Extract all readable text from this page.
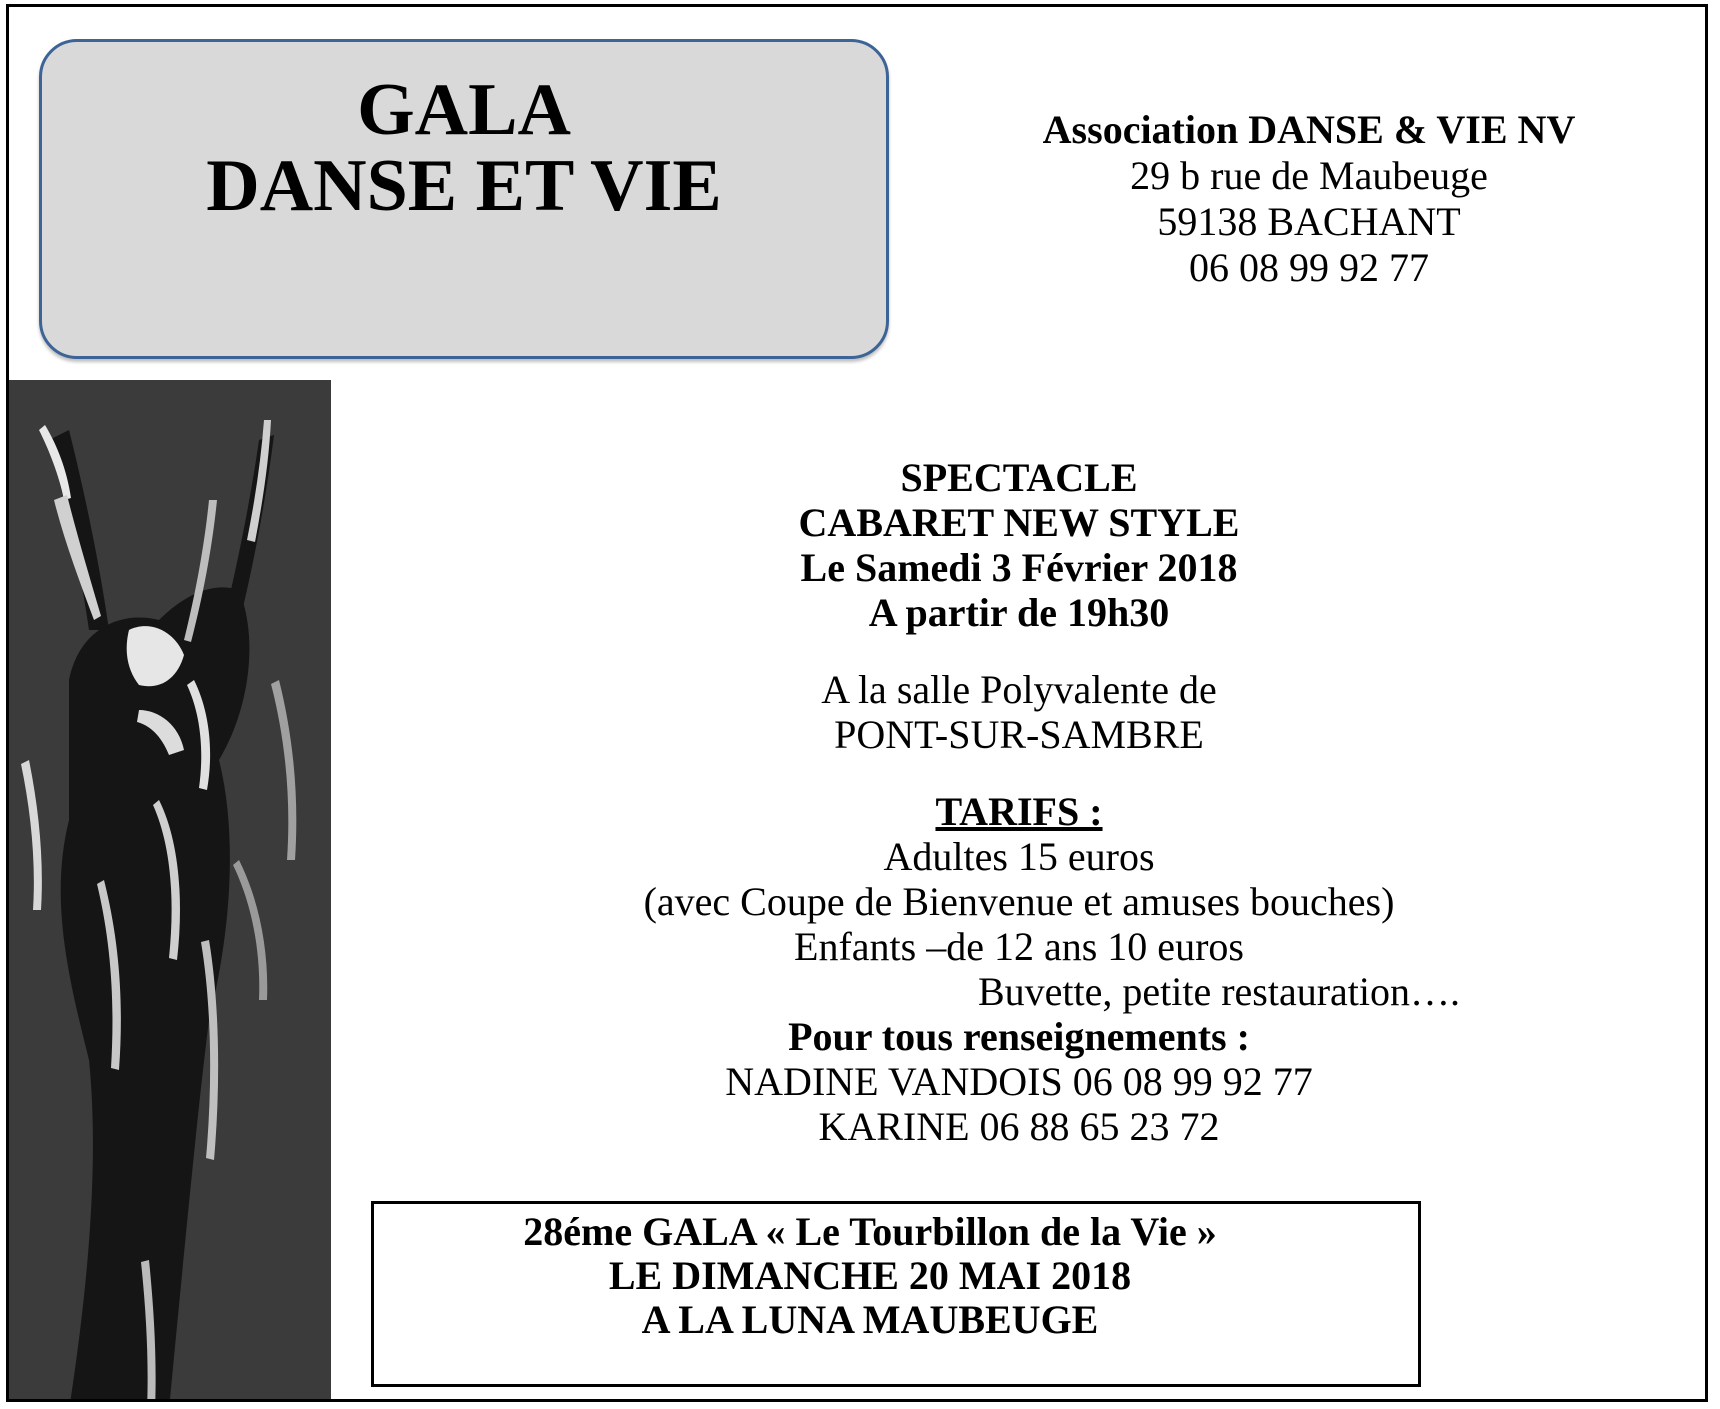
GALA
DANSE ET VIE
Association DANSE & VIE NV
29 b rue de Maubeuge
59138 BACHANT
06 08 99 92 77
SPECTACLE
CABARET NEW STYLE
Le Samedi 3 Février 2018
A partir de 19h30
A la salle Polyvalente de
PONT-SUR-SAMBRE
TARIFS :
Adultes 15 euros
(avec Coupe de Bienvenue et amuses bouches)
Enfants –de 12 ans 10 euros
Buvette, petite restauration….
Pour tous renseignements :
NADINE VANDOIS 06 08 99 92 77
KARINE 06 88 65 23 72
28éme GALA « Le Tourbillon de la Vie »
LE DIMANCHE 20 MAI 2018
A LA LUNA MAUBEUGE
